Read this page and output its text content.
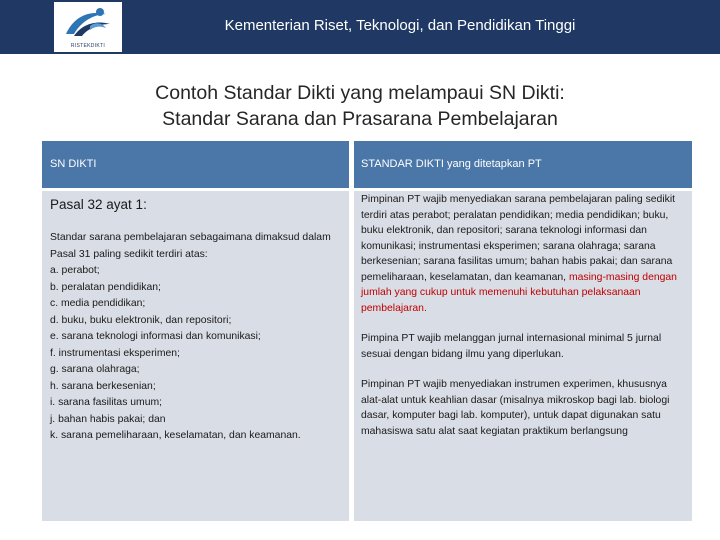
RISTEKDIKTI
Kementerian Riset, Teknologi, dan Pendidikan Tinggi
Contoh Standar Dikti yang melampaui SN Dikti:
Standar Sarana dan Prasarana Pembelajaran
SN DIKTI	STANDAR DIKTI yang ditetapkan PT

Pasal 32 ayat 1:

Standar sarana pembelajaran sebagaimana dimaksud dalam Pasal 31 paling sedikit terdiri atas:

a. perabot;

b. peralatan pendidikan;

c. media pendidikan;

d. buku, buku elektronik, dan repositori;

e. sarana teknologi informasi dan komunikasi;

f. instrumentasi eksperimen;

g. sarana olahraga;

h. sarana berkesenian;

i. sarana fasilitas umum;

j. bahan habis pakai; dan

k. sarana pemeliharaan, keselamatan, dan keamanan.

Pimpinan PT wajib menyediakan sarana pembelajaran paling sedikit terdiri atas perabot; peralatan pendidikan; media pendidikan; buku, buku elektronik, dan repositori; sarana teknologi informasi dan komunikasi; instrumentasi eksperimen; sarana olahraga; sarana berkesenian; sarana fasilitas umum; bahan habis pakai; dan sarana pemeliharaan, keselamatan, dan keamanan, masing-masing dengan jumlah yang cukup untuk memenuhi kebutuhan pelaksanaan pembelajaran.

Pimpina PT wajib melanggan jurnal internasional minimal 5 jurnal sesuai dengan bidang ilmu yang diperlukan.

Pimpinan PT wajib menyediakan instrumen experimen, khususnya alat-alat untuk keahlian dasar (misalnya mikroskop bagi lab. biologi dasar, komputer bagi lab. komputer), untuk dapat digunakan satu mahasiswa satu alat saat kegiatan praktikum berlangsung
